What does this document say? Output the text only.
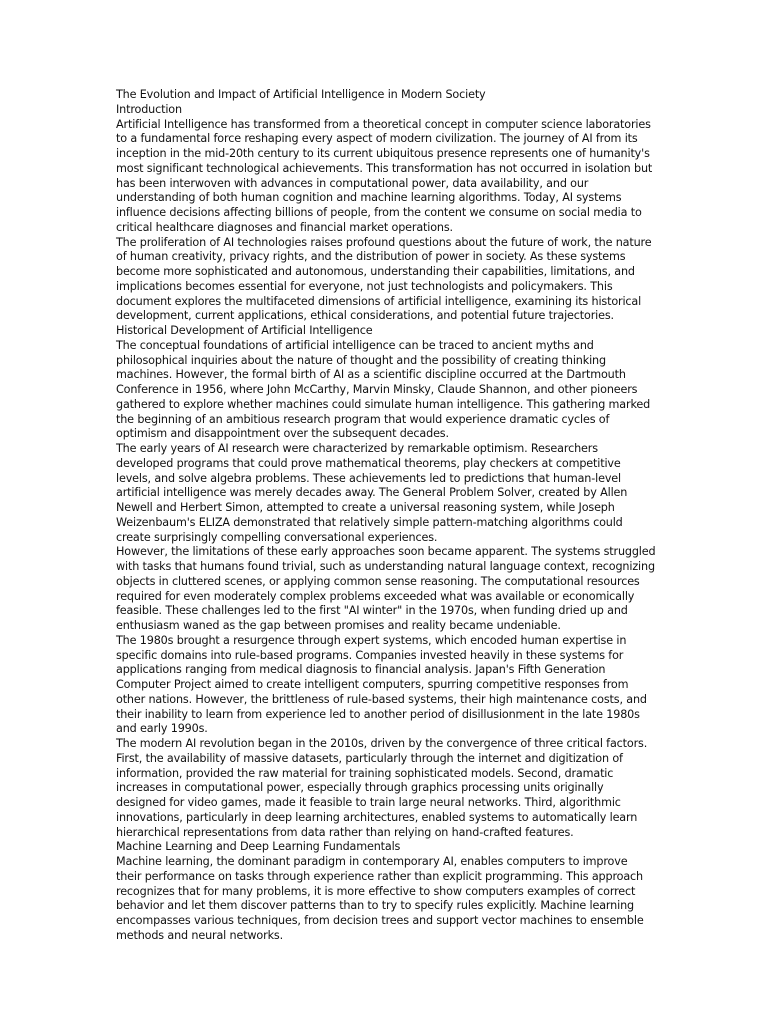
The Evolution and Impact of Artificial Intelligence in Modern Society

Introduction

Artificial Intelligence has transformed from a theoretical concept in computer science laboratories to a fundamental force reshaping every aspect of modern civilization. The journey of AI from its inception in the mid-20th century to its current ubiquitous presence represents one of humanity's most significant technological achievements. This transformation has not occurred in isolation but has been interwoven with advances in computational power, data availability, and our understanding of both human cognition and machine learning algorithms. Today, AI systems influence decisions affecting billions of people, from the content we consume on social media to critical healthcare diagnoses and financial market operations.

The proliferation of AI technologies raises profound questions about the future of work, the nature of human creativity, privacy rights, and the distribution of power in society. As these systems become more sophisticated and autonomous, understanding their capabilities, limitations, and implications becomes essential for everyone, not just technologists and policymakers. This document explores the multifaceted dimensions of artificial intelligence, examining its historical development, current applications, ethical considerations, and potential future trajectories.

Historical Development of Artificial Intelligence

The conceptual foundations of artificial intelligence can be traced to ancient myths and philosophical inquiries about the nature of thought and the possibility of creating thinking machines. However, the formal birth of AI as a scientific discipline occurred at the Dartmouth Conference in 1956, where John McCarthy, Marvin Minsky, Claude Shannon, and other pioneers gathered to explore whether machines could simulate human intelligence. This gathering marked the beginning of an ambitious research program that would experience dramatic cycles of optimism and disappointment over the subsequent decades.

The early years of AI research were characterized by remarkable optimism. Researchers developed programs that could prove mathematical theorems, play checkers at competitive levels, and solve algebra problems. These achievements led to predictions that human-level artificial intelligence was merely decades away. The General Problem Solver, created by Allen Newell and Herbert Simon, attempted to create a universal reasoning system, while Joseph Weizenbaum's ELIZA demonstrated that relatively simple pattern-matching algorithms could create surprisingly compelling conversational experiences.

However, the limitations of these early approaches soon became apparent. The systems struggled with tasks that humans found trivial, such as understanding natural language context, recognizing objects in cluttered scenes, or applying common sense reasoning. The computational resources required for even moderately complex problems exceeded what was available or economically feasible. These challenges led to the first "AI winter" in the 1970s, when funding dried up and enthusiasm waned as the gap between promises and reality became undeniable.

The 1980s brought a resurgence through expert systems, which encoded human expertise in specific domains into rule-based programs. Companies invested heavily in these systems for applications ranging from medical diagnosis to financial analysis. Japan's Fifth Generation Computer Project aimed to create intelligent computers, spurring competitive responses from other nations. However, the brittleness of rule-based systems, their high maintenance costs, and their inability to learn from experience led to another period of disillusionment in the late 1980s and early 1990s.

The modern AI revolution began in the 2010s, driven by the convergence of three critical factors. First, the availability of massive datasets, particularly through the internet and digitization of information, provided the raw material for training sophisticated models. Second, dramatic increases in computational power, especially through graphics processing units originally designed for video games, made it feasible to train large neural networks. Third, algorithmic innovations, particularly in deep learning architectures, enabled systems to automatically learn hierarchical representations from data rather than relying on hand-crafted features.

Machine Learning and Deep Learning Fundamentals

Machine learning, the dominant paradigm in contemporary AI, enables computers to improve their performance on tasks through experience rather than explicit programming. This approach recognizes that for many problems, it is more effective to show computers examples of correct behavior and let them discover patterns than to try to specify rules explicitly. Machine learning encompasses various techniques, from decision trees and support vector machines to ensemble methods and neural networks.
